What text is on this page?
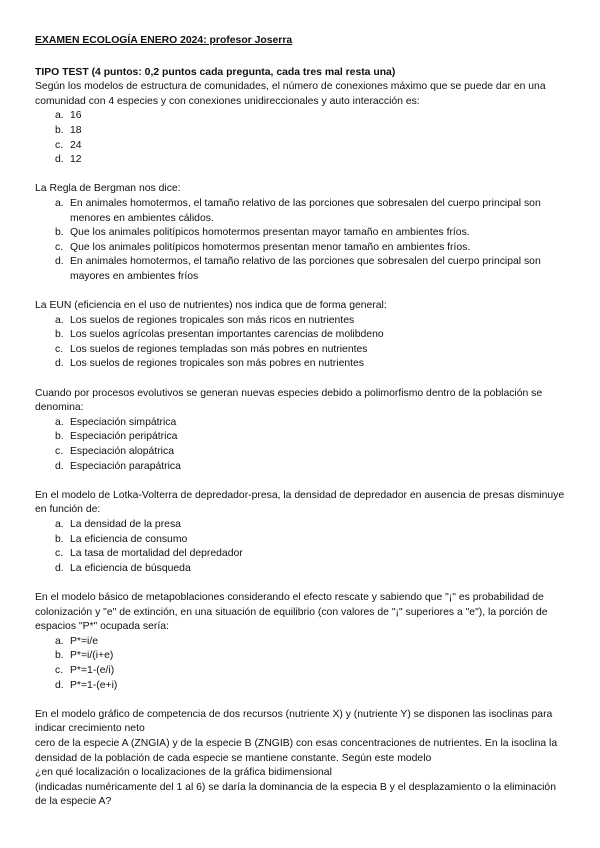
EXAMEN ECOLOGÍA ENERO 2024: profesor Joserra

TIPO TEST (4 puntos: 0,2 puntos cada pregunta, cada tres mal resta una)

Según los modelos de estructura de comunidades, el número de conexiones máximo que se puede dar en una comunidad con 4 especies y con conexiones unidireccionales y auto interacción es:

a. 16
b. 18
c. 24
d. 12

La Regla de Bergman nos dice:

a. En animales homotermos, el tamaño relativo de las porciones que sobresalen del cuerpo principal son menores en ambientes cálidos.
b. Que los animales politípicos homotermos presentan mayor tamaño en ambientes fríos.
c. Que los animales politípicos homotermos presentan menor tamaño en ambientes fríos.
d. En animales homotermos, el tamaño relativo de las porciones que sobresalen del cuerpo principal son mayores en ambientes fríos

La EUN (eficiencia en el uso de nutrientes) nos indica que de forma general:

a. Los suelos de regiones tropicales son más ricos en nutrientes
b. Los suelos agrícolas presentan importantes carencias de molibdeno
c. Los suelos de regiones templadas son más pobres en nutrientes
d. Los suelos de regiones tropicales son más pobres en nutrientes

Cuando por procesos evolutivos se generan nuevas especies debido a polimorfismo dentro de la población se denomina:

a. Especiación simpátrica
b. Especiación peripátrica
c. Especiación alopátrica
d. Especiación parapátrica

En el modelo de Lotka-Volterra de depredador-presa, la densidad de depredador en ausencia de presas disminuye en función de:

a. La densidad de la presa
b. La eficiencia de consumo
c. La tasa de mortalidad del depredador
d. La eficiencia de búsqueda

En el modelo básico de metapoblaciones considerando el efecto rescate y sabiendo que "¡" es probabilidad de colonización y "e" de extinción, en una situación de equilibrio (con valores de "¡" superiores a "e"), la porción de espacios "P*" ocupada sería:

a. P*=i/e
b. P*=i/(i+e)
c. P*=1-(e/i)
d. P*=1-(e+i)

En el modelo gráfico de competencia de dos recursos (nutriente X) y (nutriente Y) se disponen las isoclinas para indicar crecimiento neto
cero de la especie A (ZNGIA) y de la especie B (ZNGIB) con esas concentraciones de nutrientes. En la isoclina la densidad de la población de cada especie se mantiene constante. Según este modelo
¿en qué localización o localizaciones de la gráfica bidimensional
(indicadas numéricamente del 1 al 6) se daría la dominancia de la especia B y el desplazamiento o la eliminación de la especie A?
